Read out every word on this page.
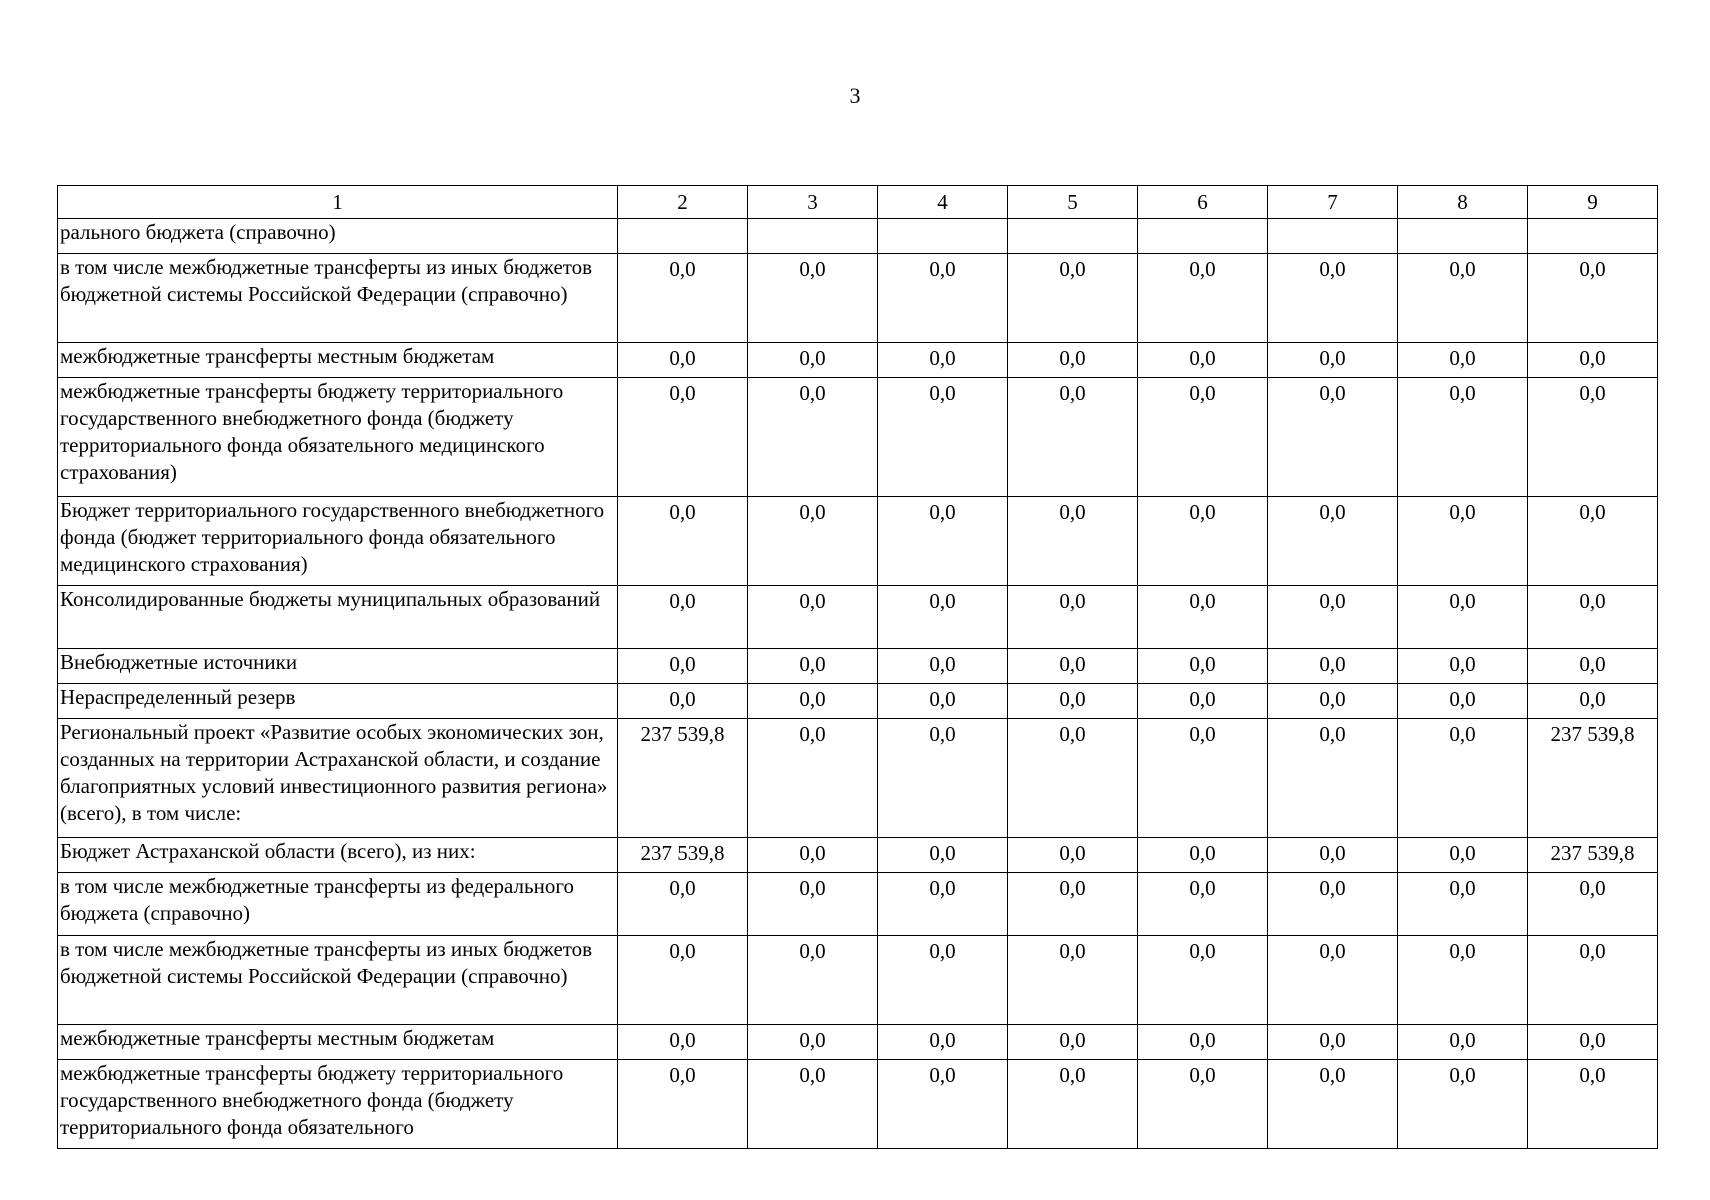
3
1	2	3	4	5	6	7	8	9
рального бюджета (справочно)								
в том числе межбюджетные трансферты из иных бюджетов бюджетной системы Российской Федерации (справочно)	0,0	0,0	0,0	0,0	0,0	0,0	0,0	0,0
межбюджетные трансферты местным бюджетам	0,0	0,0	0,0	0,0	0,0	0,0	0,0	0,0
межбюджетные трансферты бюджету территориального государственного внебюджетного фонда (бюджету территориального фонда обязательного медицинского страхования)	0,0	0,0	0,0	0,0	0,0	0,0	0,0	0,0
Бюджет территориального государственного внебюджетного фонда (бюджет территориального фонда обязательного медицинского страхования)	0,0	0,0	0,0	0,0	0,0	0,0	0,0	0,0
Консолидированные бюджеты муниципальных образований	0,0	0,0	0,0	0,0	0,0	0,0	0,0	0,0
Внебюджетные источники	0,0	0,0	0,0	0,0	0,0	0,0	0,0	0,0
Нераспределенный резерв	0,0	0,0	0,0	0,0	0,0	0,0	0,0	0,0
Региональный проект «Развитие особых экономических зон, созданных на территории Астраханской области, и создание благоприятных условий инвестиционного развития региона» (всего), в том числе:	237 539,8	0,0	0,0	0,0	0,0	0,0	0,0	237 539,8
Бюджет Астраханской области (всего), из них:	237 539,8	0,0	0,0	0,0	0,0	0,0	0,0	237 539,8
в том числе межбюджетные трансферты из федерального бюджета (справочно)	0,0	0,0	0,0	0,0	0,0	0,0	0,0	0,0
в том числе межбюджетные трансферты из иных бюджетов бюджетной системы Российской Федерации (справочно)	0,0	0,0	0,0	0,0	0,0	0,0	0,0	0,0
межбюджетные трансферты местным бюджетам	0,0	0,0	0,0	0,0	0,0	0,0	0,0	0,0
межбюджетные трансферты бюджету территориального государственного внебюджетного фонда (бюджету территориального фонда обязательного	0,0	0,0	0,0	0,0	0,0	0,0	0,0	0,0
